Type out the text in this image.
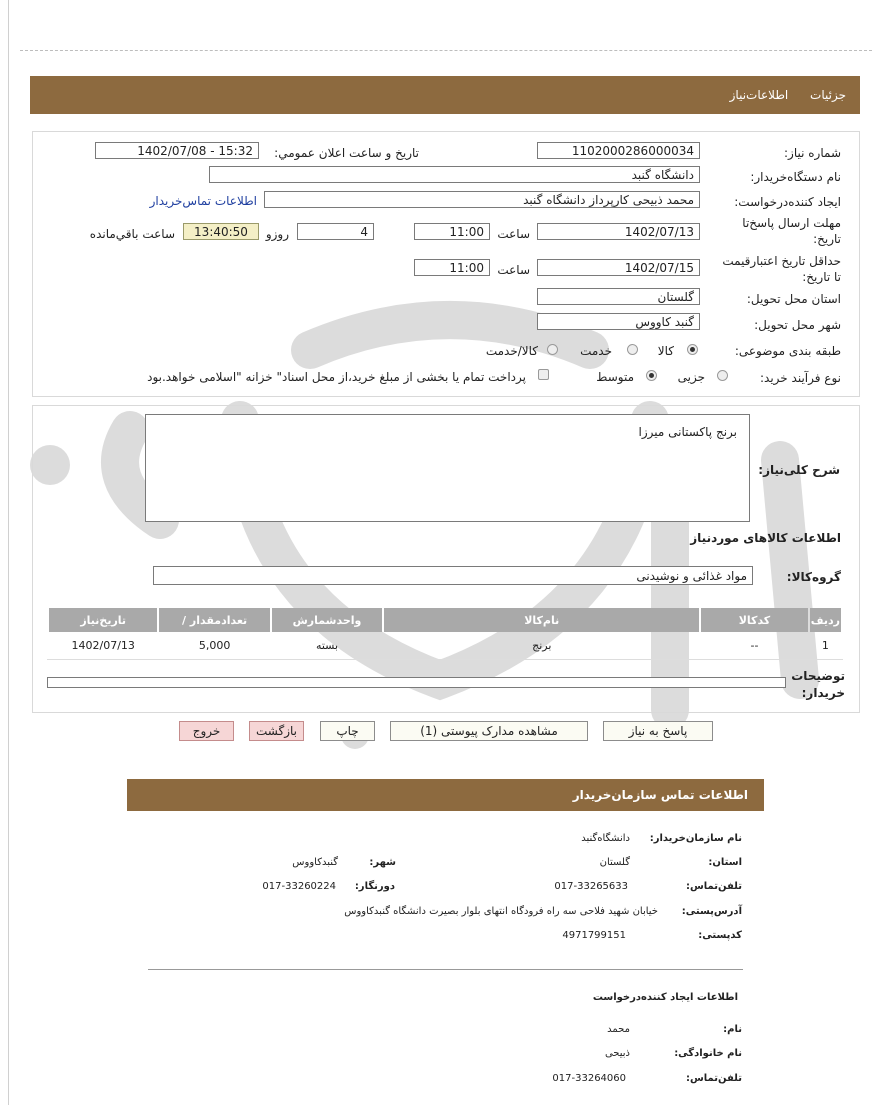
جزئیات اطلاعات‌نیاز
شماره نیاز:
1102000286000034
تاريخ و ساعت اعلان عمومي:
1402/07/08 - 15:32
نام دستگاه‌خریدار:
دانشگاه گنبد
ایجاد کننده‌درخواست:
محمد ذبیحی کارپرداز دانشگاه گنبد
اطلاعات تماس‌خریدار
مهلت ارسال پاسخ‌تا
تاریخ:
1402/07/13
ساعت
11:00
4
روزو
13:40:50
ساعت باقي‌مانده
حداقل تاریخ اعتبار‌قیمت
تا تاریخ:
1402/07/15
ساعت
11:00
استان محل تحویل:
گلستان
شهر محل تحویل:
گنبد کاووس
طبقه بندی موضوعی:
کالا
خدمت
کالا/خدمت
نوع فرآیند خرید:
جزیی
متوسط
پرداخت تمام يا بخشی از مبلغ خريد،از محل اسناد" خزانه "اسلامی خواهد.بود
شرح کلی‌نیاز:
برنج پاکستانی میرزا
اطلاعات کالاهای موردنیاز
گروه‌کالا:
مواد غذائی و نوشیدنی
ردیف	کدکالا	نام‌کالا	واحدشمارش	تعداد‌مقدار /	تاریخ‌نیاز
1	--	برنج	بسته	5,000	1402/07/13
توضیحات
خریدار:
پاسخ به نیاز
مشاهده مدارک پیوستی (1)
چاپ
بازگشت
خروج
اطلاعات تماس سازمان‌خریدار
نام سازمان‌خریدار:
دانشگاه‌گنبد
استان:
گلستان
شهر:
گنبدکاووس
تلفن‌تماس:
017-33265633
دورنگار:
017-33260224
آدرس‌پستی:
خیابان شهید فلاحی سه راه فرودگاه انتهای بلوار بصیرت دانشگاه گنبدکاووس
کد‌پستی:
4971799151
اطلاعات ایجاد کننده‌درخواست
نام:
محمد
نام خانوادگی:
ذبیحی
تلفن‌تماس:
017-33264060
